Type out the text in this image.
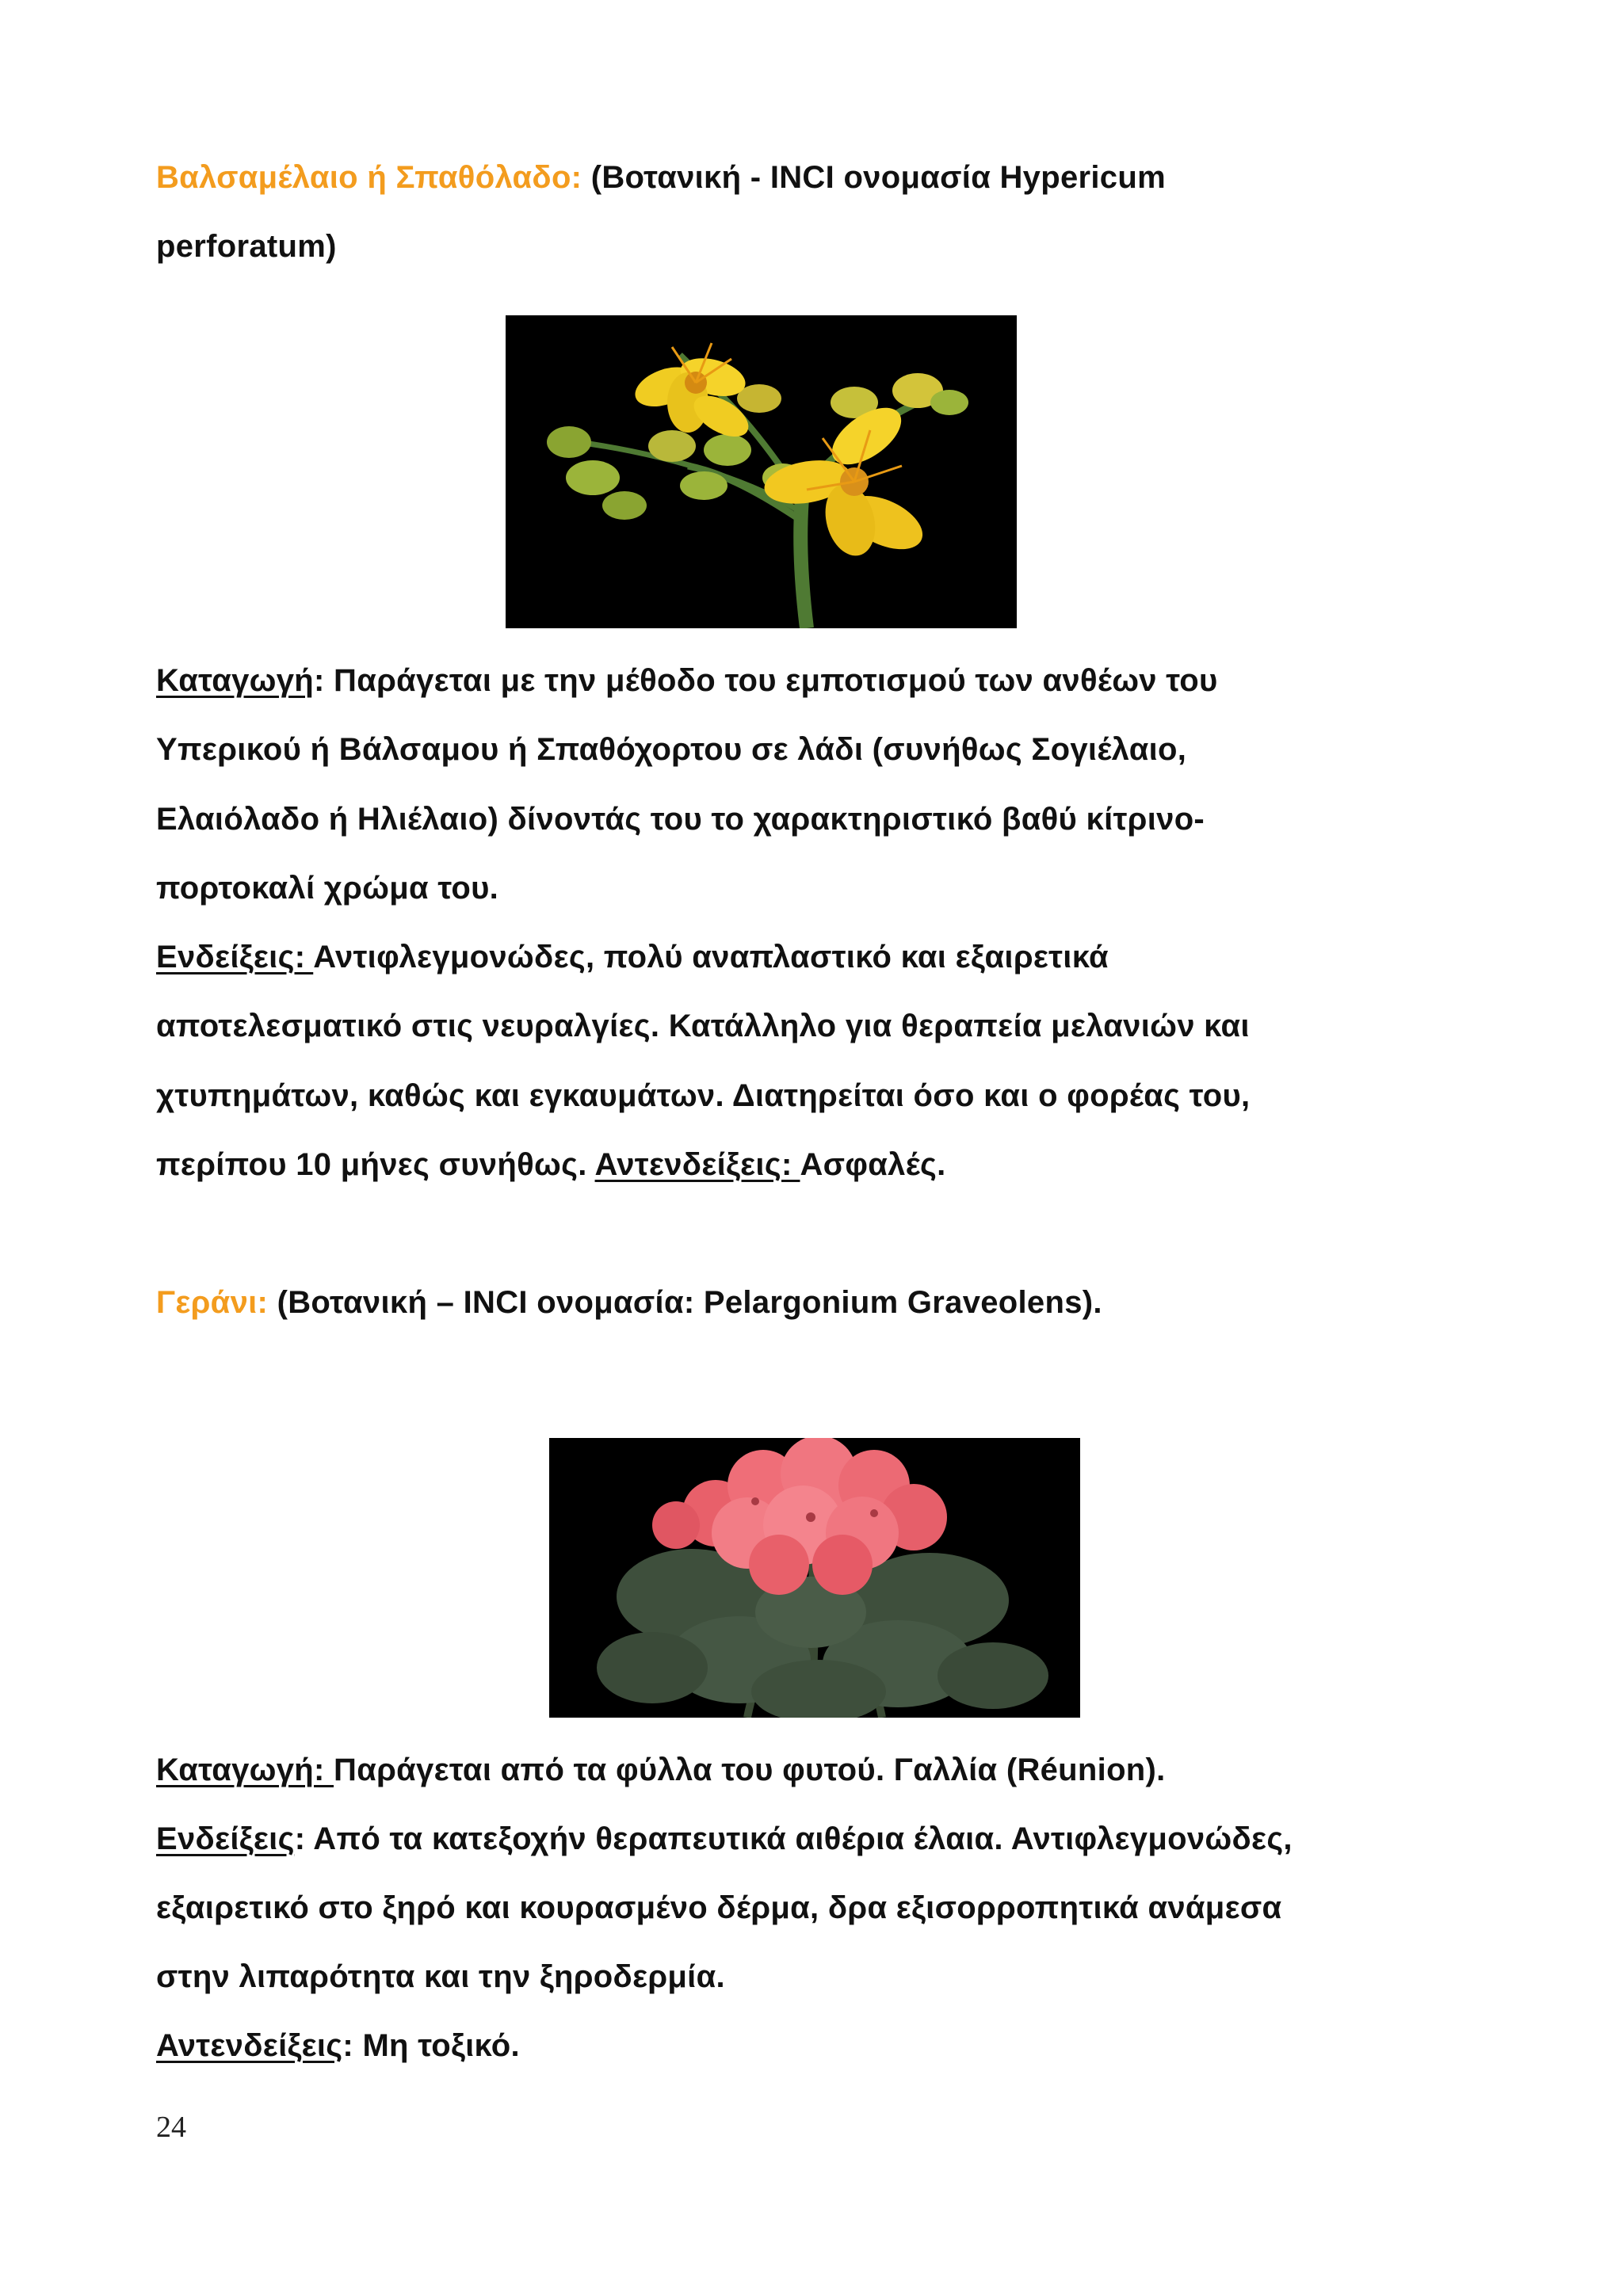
Βαλσαμέλαιο ή Σπαθόλαδο: (Βοτανική - INCI ονομασία Hypericum
perforatum)
Καταγωγή: Παράγεται με την μέθοδο του εμποτισμού των ανθέων του
Υπερικού ή Βάλσαμου ή Σπαθόχορτου σε λάδι (συνήθως Σογιέλαιο,
Ελαιόλαδο ή Ηλιέλαιο) δίνοντάς του το χαρακτηριστικό βαθύ κίτρινο-
πορτοκαλί χρώμα του.
Ενδείξεις: Αντιφλεγμονώδες, πολύ αναπλαστικό και εξαιρετικά
αποτελεσματικό στις νευραλγίες. Κατάλληλο για θεραπεία μελανιών και
χτυπημάτων, καθώς και εγκαυμάτων. Διατηρείται όσο και ο φορέας του,
περίπου 10 μήνες συνήθως. Αντενδείξεις: Ασφαλές.
Γεράνι: (Βοτανική – INCI ονομασία: Pelargonium Graveolens).
Καταγωγή: Παράγεται από τα φύλλα του φυτού. Γαλλία (Réunion).
Ενδείξεις: Από τα κατεξοχήν θεραπευτικά αιθέρια έλαια. Αντιφλεγμονώδες,
εξαιρετικό στο ξηρό και κουρασμένο δέρμα, δρα εξισορροπητικά ανάμεσα
στην λιπαρότητα και την ξηροδερμία.
Αντενδείξεις: Μη τοξικό.
24
